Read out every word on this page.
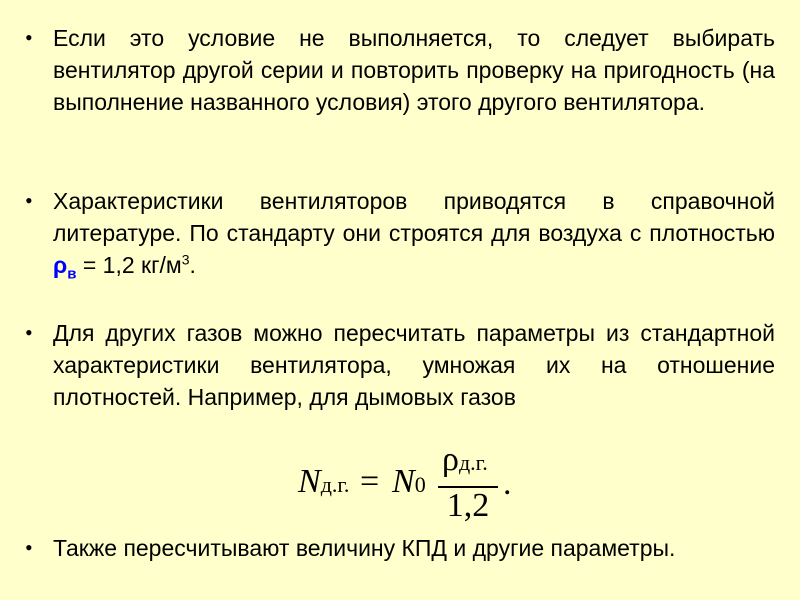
• Если это условие не выполняется, то следует выбирать вентилятор другой серии и повторить проверку на пригодность (на выполнение названного условия) этого другого вентилятора.
• Характеристики вентиляторов приводятся в справочной литературе. По стандарту они строятся для воздуха с плотностью $\rho_в = 1,2$ $кг/м^3$.
• Для других газов можно пересчитать параметры из стандартной характеристики вентилятора, умножая их на отношение плотностей. Например, для дымовых газов
Nд.г. = N0
ρд.г.
1,2
.
• Также пересчитывают величину КПД и другие параметры.
